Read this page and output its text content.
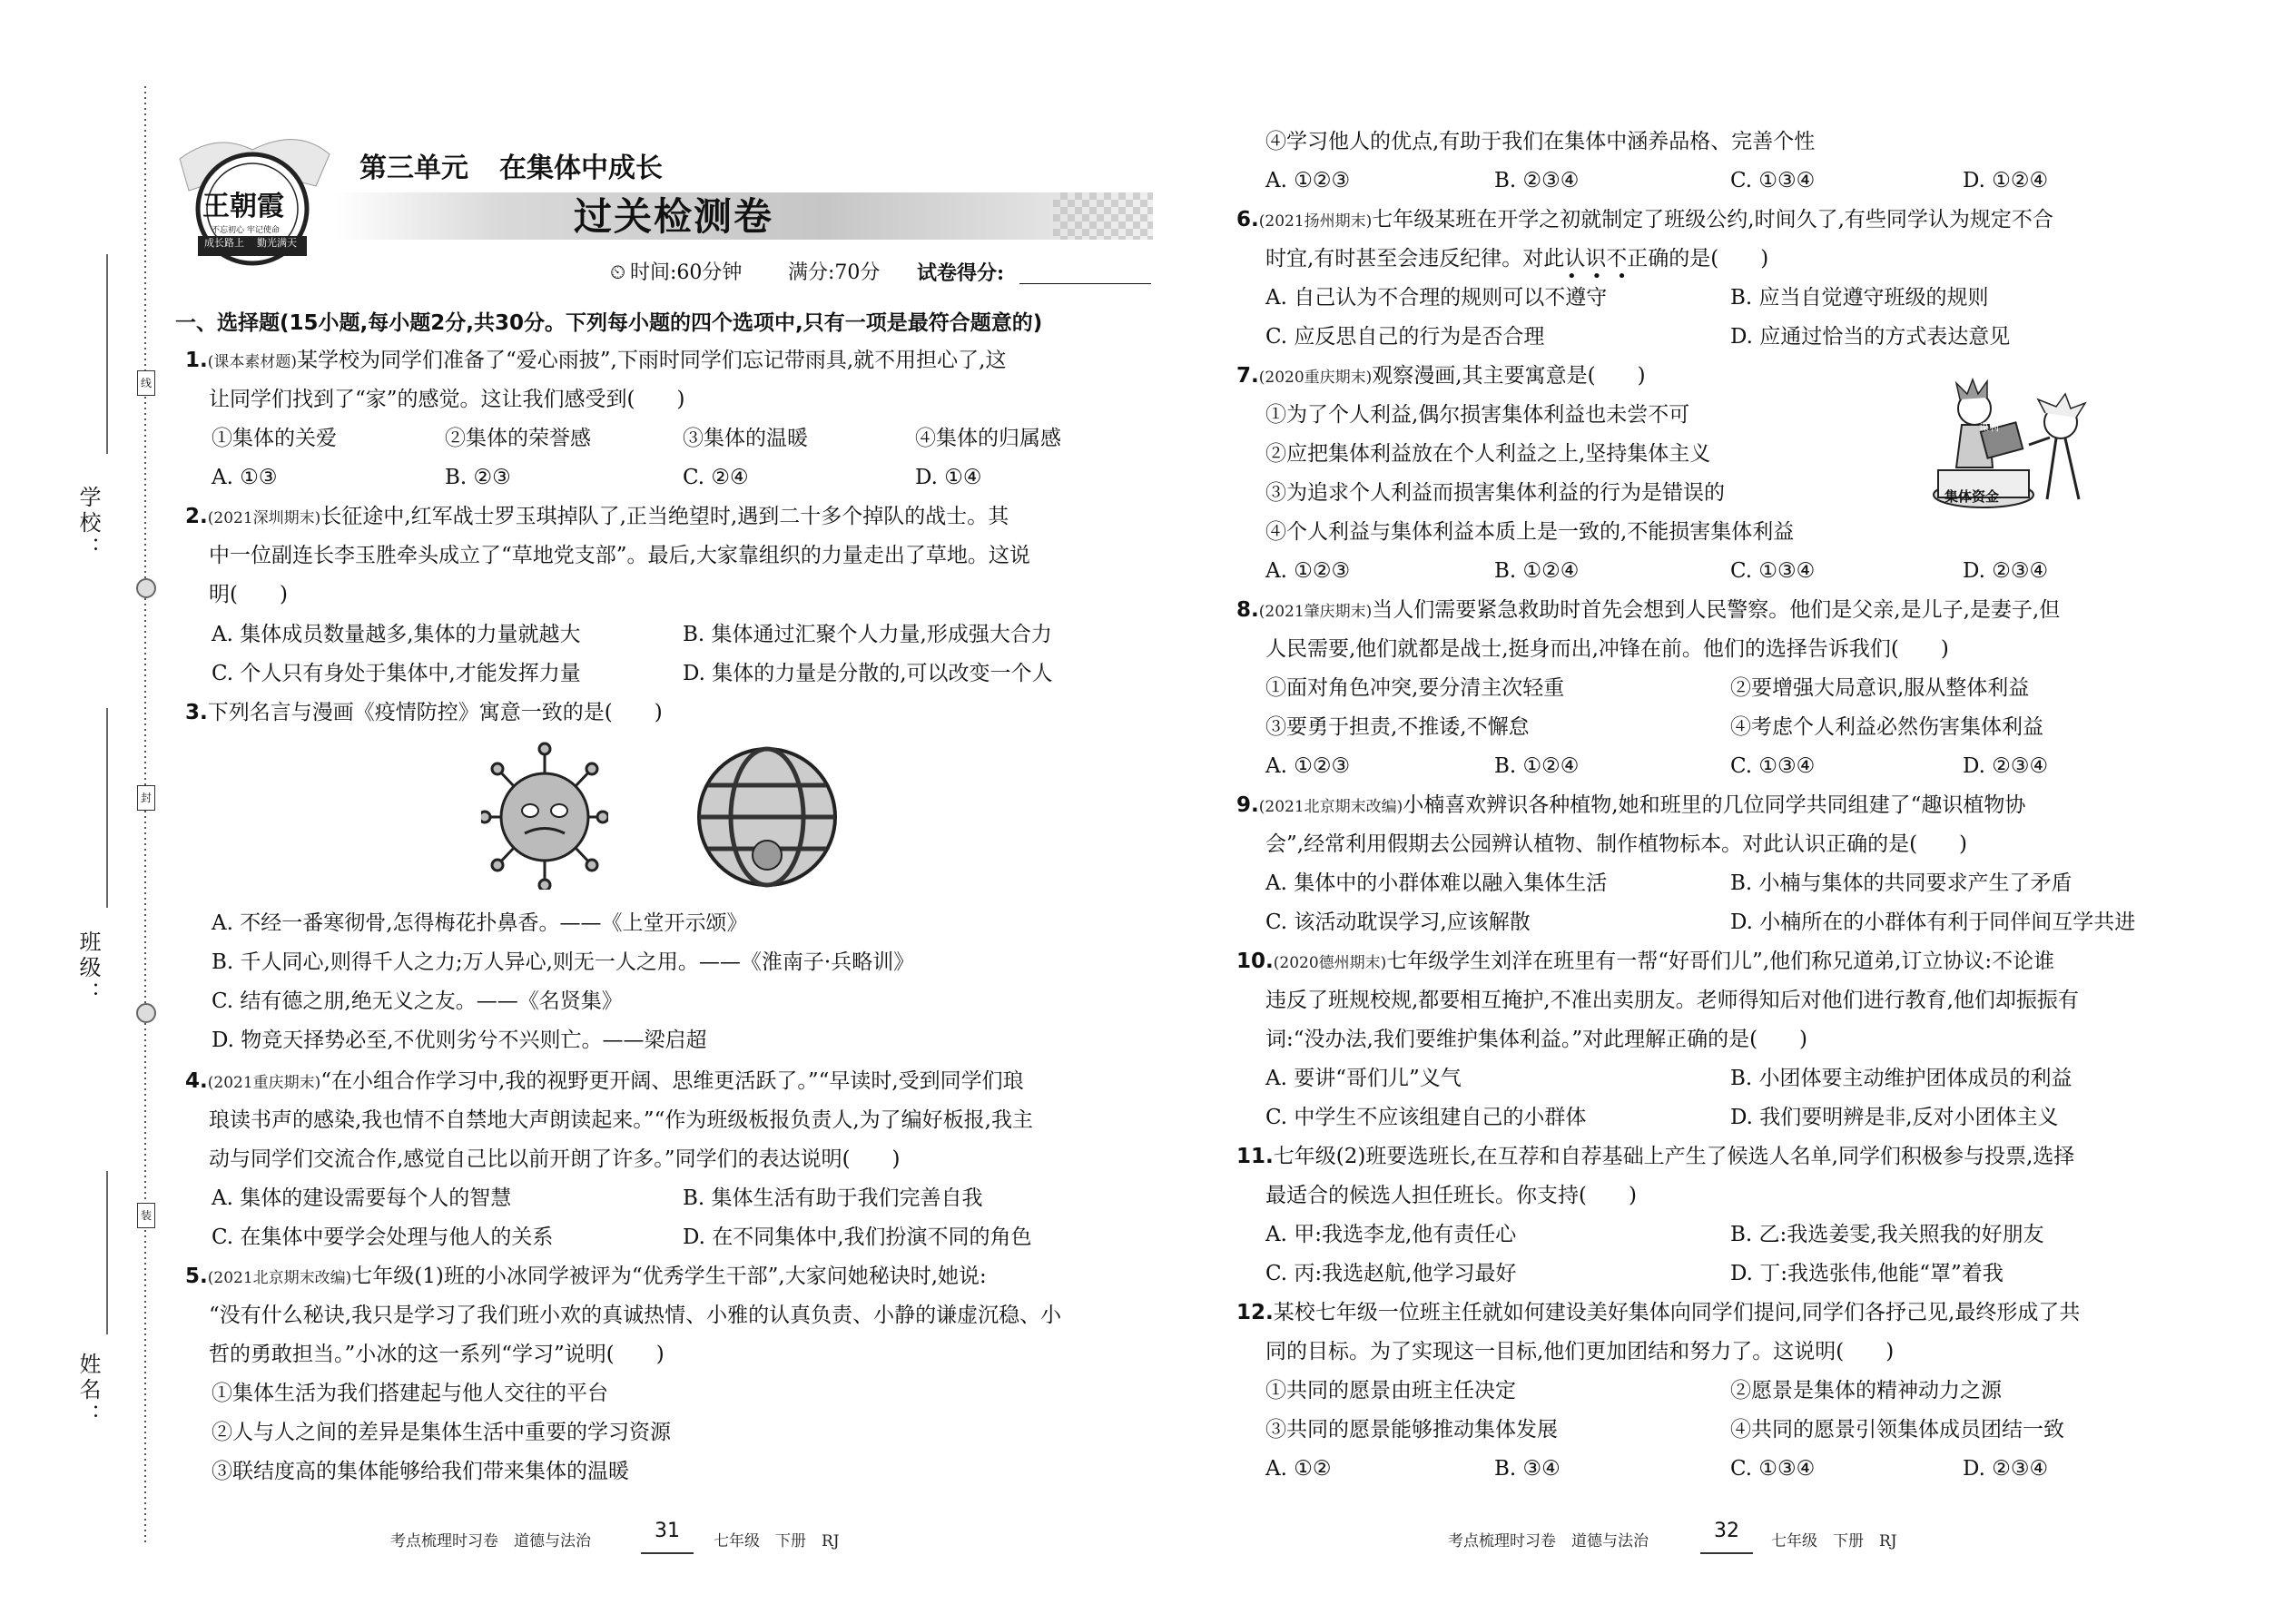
学校：
班级：
姓名：
线
封
装
王朝霞
不忘初心 牢记使命
成长路上 勤光满天
第三单元 在集体中成长
过关检测卷
⏲ 时间:60分钟 满分:70分 试卷得分:
一、选择题(15小题,每小题2分,共30分。下列每小题的四个选项中,只有一项是最符合题意的)
1.(课本素材题)某学校为同学们准备了“爱心雨披”,下雨时同学们忘记带雨具,就不用担心了,这
让同学们找到了“家”的感觉。这让我们感受到(　　)
①集体的关爱	②集体的荣誉感	③集体的温暖	④集体的归属感
A. ①③	B. ②③	C. ②④	D. ①④
2.(2021深圳期末)长征途中,红军战士罗玉琪掉队了,正当绝望时,遇到二十多个掉队的战士。其
中一位副连长李玉胜牵头成立了“草地党支部”。最后,大家靠组织的力量走出了草地。这说
明(　　)
A. 集体成员数量越多,集体的力量就越大	B. 集体通过汇聚个人力量,形成强大合力
C. 个人只有身处于集体中,才能发挥力量	D. 集体的力量是分散的,可以改变一个人
3.下列名言与漫画《疫情防控》寓意一致的是(　　)
A. 不经一番寒彻骨,怎得梅花扑鼻香。——《上堂开示颂》
B. 千人同心,则得千人之力;万人异心,则无一人之用。——《淮南子·兵略训》
C. 结有德之朋,绝无义之友。——《名贤集》
D. 物竞天择势必至,不优则劣兮不兴则亡。——梁启超
4.(2021重庆期末)“在小组合作学习中,我的视野更开阔、思维更活跃了。”“早读时,受到同学们琅
琅读书声的感染,我也情不自禁地大声朗读起来。”“作为班级板报负责人,为了编好板报,我主
动与同学们交流合作,感觉自己比以前开朗了许多。”同学们的表达说明(　　)
A. 集体的建设需要每个人的智慧	B. 集体生活有助于我们完善自我
C. 在集体中要学会处理与他人的关系	D. 在不同集体中,我们扮演不同的角色
5.(2021北京期末改编)七年级(1)班的小冰同学被评为“优秀学生干部”,大家问她秘诀时,她说:
“没有什么秘诀,我只是学习了我们班小欢的真诚热情、小雅的认真负责、小静的谦虚沉稳、小
哲的勇敢担当。”小冰的这一系列“学习”说明(　　)
①集体生活为我们搭建起与他人交往的平台
②人与人之间的差异是集体生活中重要的学习资源
③联结度高的集体能够给我们带来集体的温暖
考点梳理时习卷　道德与法治	31	七年级　下册　RJ
④学习他人的优点,有助于我们在集体中涵养品格、完善个性
A. ①②③	B. ②③④	C. ①③④	D. ①②④
6.(2021扬州期末)七年级某班在开学之初就制定了班级公约,时间久了,有些同学认为规定不合
时宜,有时甚至会违反纪律。对此认识不正确的是(　　)
•••
A. 自己认为不合理的规则可以不遵守	B. 应当自觉遵守班级的规则
C. 应反思自己的行为是否合理	D. 应通过恰当的方式表达意见
7.(2020重庆期末)观察漫画,其主要寓意是(　　)
①为了个人利益,偶尔损害集体利益也未尝不可
②应把集体利益放在个人利益之上,坚持集体主义
③为追求个人利益而损害集体利益的行为是错误的
④个人利益与集体利益本质上是一致的,不能损害集体利益
集体资金
谋利
A. ①②③	B. ①②④	C. ①③④	D. ②③④
8.(2021肇庆期末)当人们需要紧急救助时首先会想到人民警察。他们是父亲,是儿子,是妻子,但
人民需要,他们就都是战士,挺身而出,冲锋在前。他们的选择告诉我们(　　)
①面对角色冲突,要分清主次轻重	②要增强大局意识,服从整体利益
③要勇于担责,不推诿,不懈怠	④考虑个人利益必然伤害集体利益
A. ①②③	B. ①②④	C. ①③④	D. ②③④
9.(2021北京期末改编)小楠喜欢辨识各种植物,她和班里的几位同学共同组建了“趣识植物协
会”,经常利用假期去公园辨认植物、制作植物标本。对此认识正确的是(　　)
A. 集体中的小群体难以融入集体生活	B. 小楠与集体的共同要求产生了矛盾
C. 该活动耽误学习,应该解散	D. 小楠所在的小群体有利于同伴间互学共进
10.(2020德州期末)七年级学生刘洋在班里有一帮“好哥们儿”,他们称兄道弟,订立协议:不论谁
违反了班规校规,都要相互掩护,不准出卖朋友。老师得知后对他们进行教育,他们却振振有
词:“没办法,我们要维护集体利益。”对此理解正确的是(　　)
A. 要讲“哥们儿”义气	B. 小团体要主动维护团体成员的利益
C. 中学生不应该组建自己的小群体	D. 我们要明辨是非,反对小团体主义
11.七年级(2)班要选班长,在互荐和自荐基础上产生了候选人名单,同学们积极参与投票,选择
最适合的候选人担任班长。你支持(　　)
A. 甲:我选李龙,他有责任心	B. 乙:我选姜雯,我关照我的好朋友
C. 丙:我选赵航,他学习最好	D. 丁:我选张伟,他能“罩”着我
12.某校七年级一位班主任就如何建设美好集体向同学们提问,同学们各抒己见,最终形成了共
同的目标。为了实现这一目标,他们更加团结和努力了。这说明(　　)
①共同的愿景由班主任决定	②愿景是集体的精神动力之源
③共同的愿景能够推动集体发展	④共同的愿景引领集体成员团结一致
A. ①②	B. ③④	C. ①③④	D. ②③④
考点梳理时习卷　道德与法治	32	七年级　下册　RJ
